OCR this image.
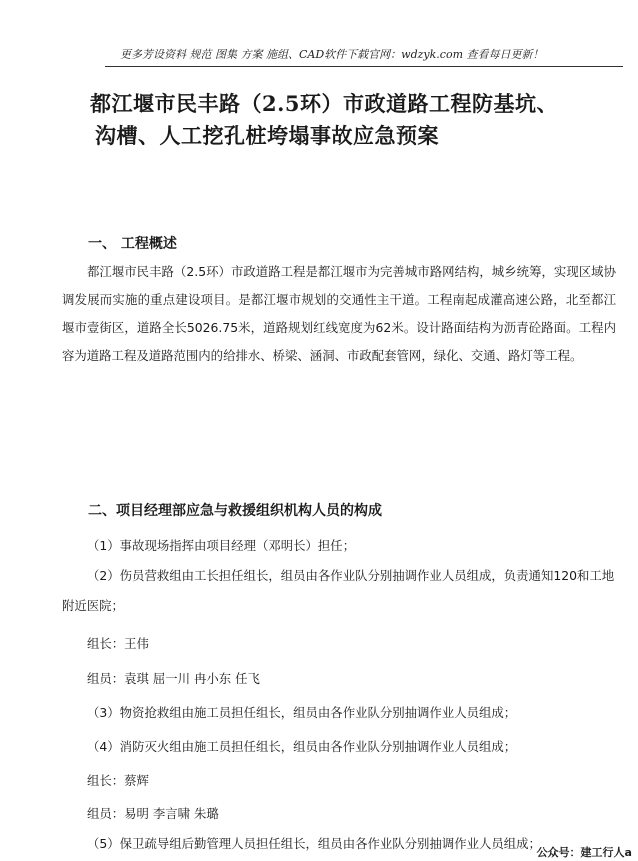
更多芳设资料 规范 图集 方案 施组、CAD软件下载官网：wdzyk.com 查看每日更新！
都江堰市民丰路（2.5环）市政道路工程防基坑、
沟槽、人工挖孔桩垮塌事故应急预案
一、 工程概述
都江堰市民丰路（2.5环）市政道路工程是都江堰市为完善城市路网结构，城乡统筹，实现区域协调发展而实施的重点建设项目。是都江堰市规划的交通性主干道。工程南起成灌高速公路，北至都江堰市壹街区，道路全长5026.75米，道路规划红线宽度为62米。设计路面结构为沥青砼路面。工程内容为道路工程及道路范围内的给排水、桥梁、涵洞、市政配套管网，绿化、交通、路灯等工程。
二、项目经理部应急与救援组织机构人员的构成
（1）事故现场指挥由项目经理（邓明长）担任；
（2）伤员营救组由工长担任组长，组员由各作业队分别抽调作业人员组成，负责通知120和工地附近医院；
组长：王伟
组员：袁琪 屈一川 冉小东 任飞
（3）物资抢救组由施工员担任组长，组员由各作业队分别抽调作业人员组成；
（4）消防灭火组由施工员担任组长，组员由各作业队分别抽调作业人员组成；
组长：蔡辉
组员：易明 李言啸 朱璐
（5）保卫疏导组后勤管理人员担任组长，组员由各作业队分别抽调作业人员组成；
公众号：建工行人a
